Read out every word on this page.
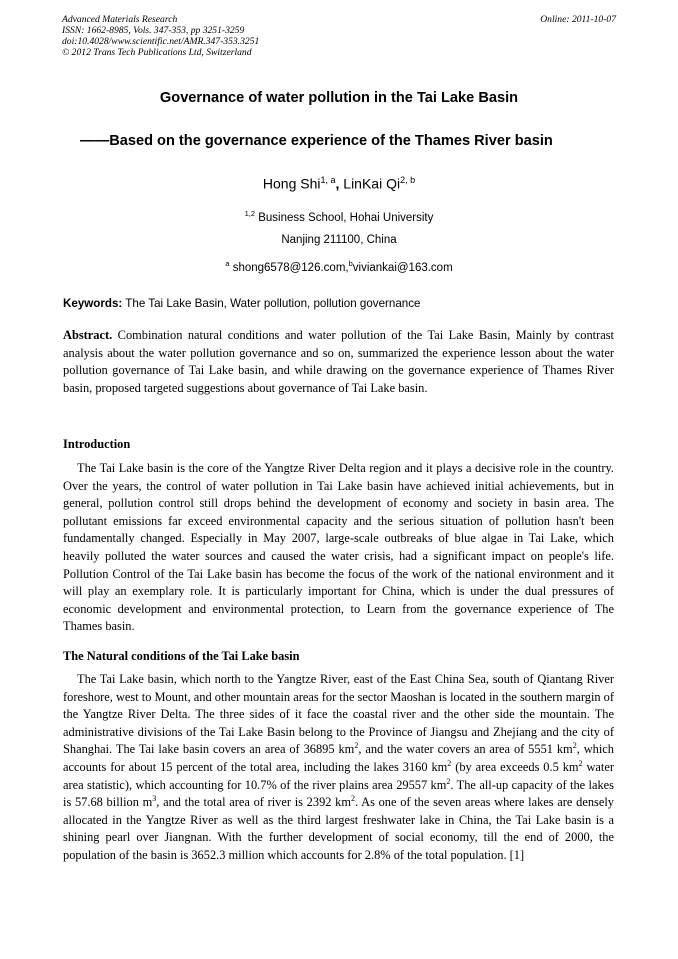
Advanced Materials Research
ISSN: 1662-8985, Vols. 347-353, pp 3251-3259
doi:10.4028/www.scientific.net/AMR.347-353.3251
© 2012 Trans Tech Publications Ltd, Switzerland
Online: 2011-10-07
Governance of water pollution in the Tai Lake Basin
——Based on the governance experience of the Thames River basin
Hong Shi$^{1, a}$, LinKai Qi$^{2, b}$
$^{1,2}$ Business School, Hohai University
Nanjing 211100, China
$^a$ shong6578@126.com,$^b$viviankai@163.com
Keywords: The Tai Lake Basin, Water pollution, pollution governance
Abstract. Combination natural conditions and water pollution of the Tai Lake Basin, Mainly by contrast analysis about the water pollution governance and so on, summarized the experience lesson about the water pollution governance of Tai Lake basin, and while drawing on the governance experience of Thames River basin, proposed targeted suggestions about governance of Tai Lake basin.
Introduction
The Tai Lake basin is the core of the Yangtze River Delta region and it plays a decisive role in the country. Over the years, the control of water pollution in Tai Lake basin have achieved initial achievements, but in general, pollution control still drops behind the development of economy and society in basin area. The pollutant emissions far exceed environmental capacity and the serious situation of pollution hasn't been fundamentally changed. Especially in May 2007, large-scale outbreaks of blue algae in Tai Lake, which heavily polluted the water sources and caused the water crisis, had a significant impact on people's life. Pollution Control of the Tai Lake basin has become the focus of the work of the national environment and it will play an exemplary role. It is particularly important for China, which is under the dual pressures of economic development and environmental protection, to Learn from the governance experience of The Thames basin.
The Natural conditions of the Tai Lake basin
The Tai Lake basin, which north to the Yangtze River, east of the East China Sea, south of Qiantang River foreshore, west to Mount, and other mountain areas for the sector Maoshan is located in the southern margin of the Yangtze River Delta. The three sides of it face the coastal river and the other side the mountain. The administrative divisions of the Tai Lake Basin belong to the Province of Jiangsu and Zhejiang and the city of Shanghai. The Tai lake basin covers an area of 36895 $km^2$, and the water covers an area of 5551 $km^2$, which accounts for about 15 percent of the total area, including the lakes 3160 $km^2$ (by area exceeds 0.5 $km^2$ water area statistic), which accounting for 10.7% of the river plains area 29557 $km^2$. The all-up capacity of the lakes is 57.68 billion $m^3$, and the total area of river is 2392 $km^2$. As one of the seven areas where lakes are densely allocated in the Yangtze River as well as the third largest freshwater lake in China, the Tai Lake basin is a shining pearl over Jiangnan. With the further development of social economy, till the end of 2000, the population of the basin is 3652.3 million which accounts for 2.8% of the total population. [1]
